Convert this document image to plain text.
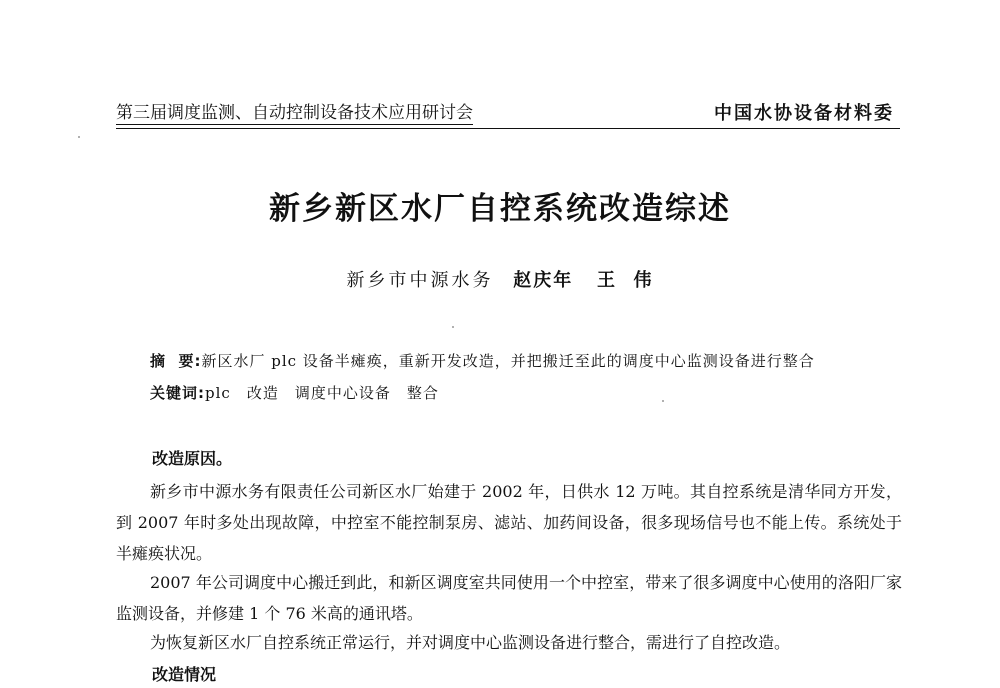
第三届调度监测、自动控制设备技术应用研讨会	中国水协设备材料委
新乡新区水厂自控系统改造综述
新乡市中源水务 赵庆年 王  伟
摘  要:新区水厂 plc 设备半瘫痪，重新开发改造，并把搬迁至此的调度中心监测设备进行整合
关键词:plc 改造 调度中心设备 整合
改造原因。

新乡市中源水务有限责任公司新区水厂始建于 2002 年，日供水 12 万吨。其自控系统是清华同方开发，到 2007 年时多处出现故障，中控室不能控制泵房、滤站、加药间设备，很多现场信号也不能上传。系统处于半瘫痪状况。

2007 年公司调度中心搬迁到此，和新区调度室共同使用一个中控室，带来了很多调度中心使用的洛阳厂家监测设备，并修建 1 个 76 米高的通讯塔。

为恢复新区水厂自控系统正常运行，并对调度中心监测设备进行整合，需进行了自控改造。

改造情况
